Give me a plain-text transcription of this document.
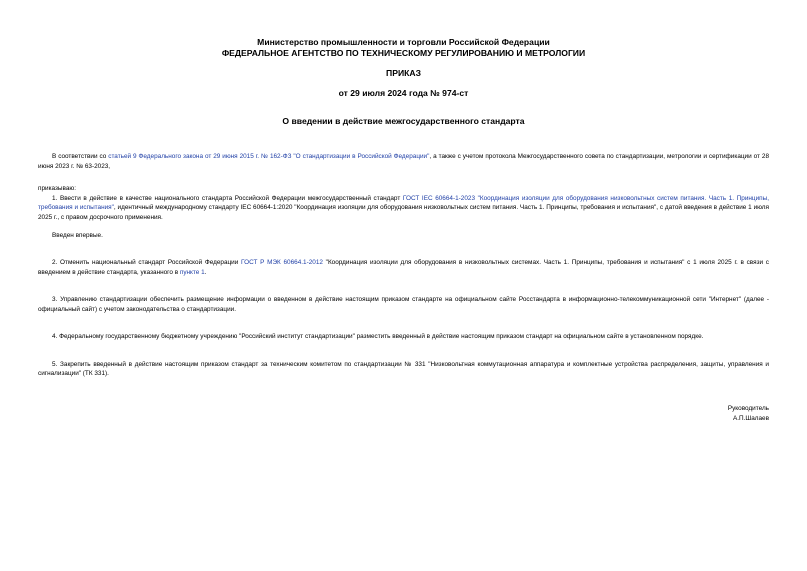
Министерство промышленности и торговли Российской Федерации
ФЕДЕРАЛЬНОЕ АГЕНТСТВО ПО ТЕХНИЧЕСКОМУ РЕГУЛИРОВАНИЮ И МЕТРОЛОГИИ
ПРИКАЗ
от 29 июля 2024 года № 974-ст
О введении в действие межгосударственного стандарта

В соответствии со статьей 9 Федерального закона от 29 июня 2015 г. № 162-ФЗ "О стандартизации в Российской Федерации", а также с учетом протокола Межгосударственного совета по стандартизации, метрологии и сертификации от 28 июня 2023 г. № 63-2023,

приказываю:

1. Ввести в действие в качестве национального стандарта Российской Федерации межгосударственный стандарт ГОСТ IEC 60664-1-2023 "Координация изоляции для оборудования низковольтных систем питания. Часть 1. Принципы, требования и испытания", идентичный международному стандарту IEC 60664-1:2020 "Координация изоляции для оборудования низковольтных систем питания. Часть 1. Принципы, требования и испытания", с датой введения в действие 1 июля 2025 г., с правом досрочного применения.

Введен впервые.

2. Отменить национальный стандарт Российской Федерации ГОСТ Р МЭК 60664.1-2012 "Координация изоляции для оборудования в низковольтных системах. Часть 1. Принципы, требования и испытания" с 1 июля 2025 г. в связи с введением в действие стандарта, указанного в пункте 1.

3. Управлению стандартизации обеспечить размещение информации о введенном в действие настоящим приказом стандарте на официальном сайте Росстандарта в информационно-телекоммуникационной сети "Интернет" (далее - официальный сайт) с учетом законодательства о стандартизации.

4. Федеральному государственному бюджетному учреждению "Российский институт стандартизации" разместить введенный в действие настоящим приказом стандарт на официальном сайте в установленном порядке.

5. Закрепить введенный в действие настоящим приказом стандарт за техническим комитетом по стандартизации № 331 "Низковольтная коммутационная аппаратура и комплектные устройства распределения, защиты, управления и сигнализации" (ТК 331).

Руководитель
А.П.Шалаев
